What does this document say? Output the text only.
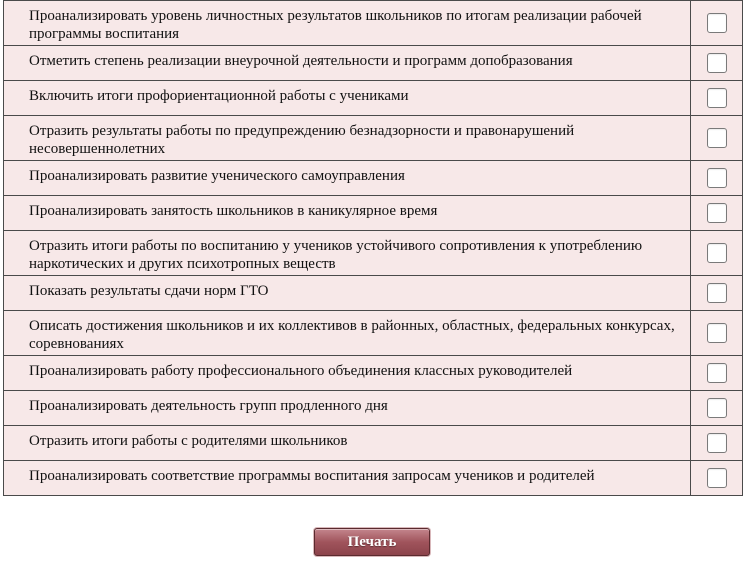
Проанализировать уровень личностных результатов школьников по итогам реализации рабочей программы воспитания	
Отметить степень реализации внеурочной деятельности и программ допобразования	
Включить итоги профориентационной работы с учениками	
Отразить результаты работы по предупреждению безнадзорности и правонарушений несовершеннолетних	
Проанализировать развитие ученического самоуправления	
Проанализировать занятость школьников в каникулярное время	
Отразить итоги работы по воспитанию у учеников устойчивого сопротивления к употреблению наркотических и других психотропных веществ	
Показать результаты сдачи норм ГТО	
Описать достижения школьников и их коллективов в районных, областных, федеральных конкурсах, соревнованиях	
Проанализировать работу профессионального объединения классных руководителей	
Проанализировать деятельность групп продленного дня	
Отразить итоги работы с родителями школьников	
Проанализировать соответствие программы воспитания запросам учеников и родителей	
Печать
